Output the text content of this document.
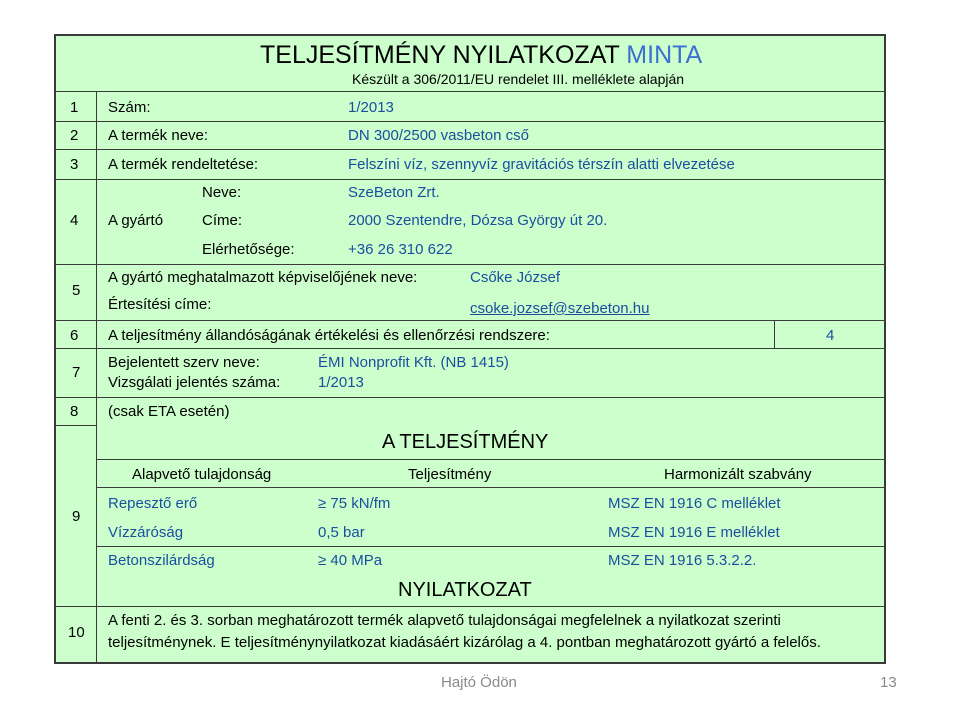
TELJESÍTMÉNY NYILATKOZAT MINTA
Készült a 306/2011/EU rendelet III. melléklete alapján
1 Szám:	1/2013
2 A termék neve:	DN 300/2500 vasbeton cső
3 A termék rendeltetése:	Felszíni víz, szennyvíz gravitációs térszín alatti elvezetése
4 A gyártó
Neve:	SzeBeton Zrt.
Címe:	2000 Szentendre, Dózsa György út 20.
Elérhetősége:	+36 26 310 622
5
A gyártó meghatalmazott képviselőjének neve:	Csőke József
Értesítési címe:	csoke.jozsef@szebeton.hu
6 A teljesítmény állandóságának értékelési és ellenőrzési rendszere:	4
7
Bejelentett szerv neve:	ÉMI Nonprofit Kft. (NB 1415)
Vizsgálati jelentés száma:	1/2013
8 (csak ETA esetén)
A TELJESÍTMÉNY
9
Alapvető tulajdonság	Teljesítmény	Harmonizált szabvány
Repesztő erő	≥ 75 kN/fm	MSZ EN 1916 C melléklet
Vízzáróság	0,5 bar	MSZ EN 1916 E melléklet
Betonszilárdság	≥ 40 MPa	MSZ EN 1916 5.3.2.2.
NYILATKOZAT
10
A fenti 2. és 3. sorban meghatározott termék alapvető tulajdonságai megfelelnek a nyilatkozat szerinti
teljesítménynek. E teljesítménynyilatkozat kiadásáért kizárólag a 4. pontban meghatározott gyártó a felelős.
Hajtó Ödön	13
